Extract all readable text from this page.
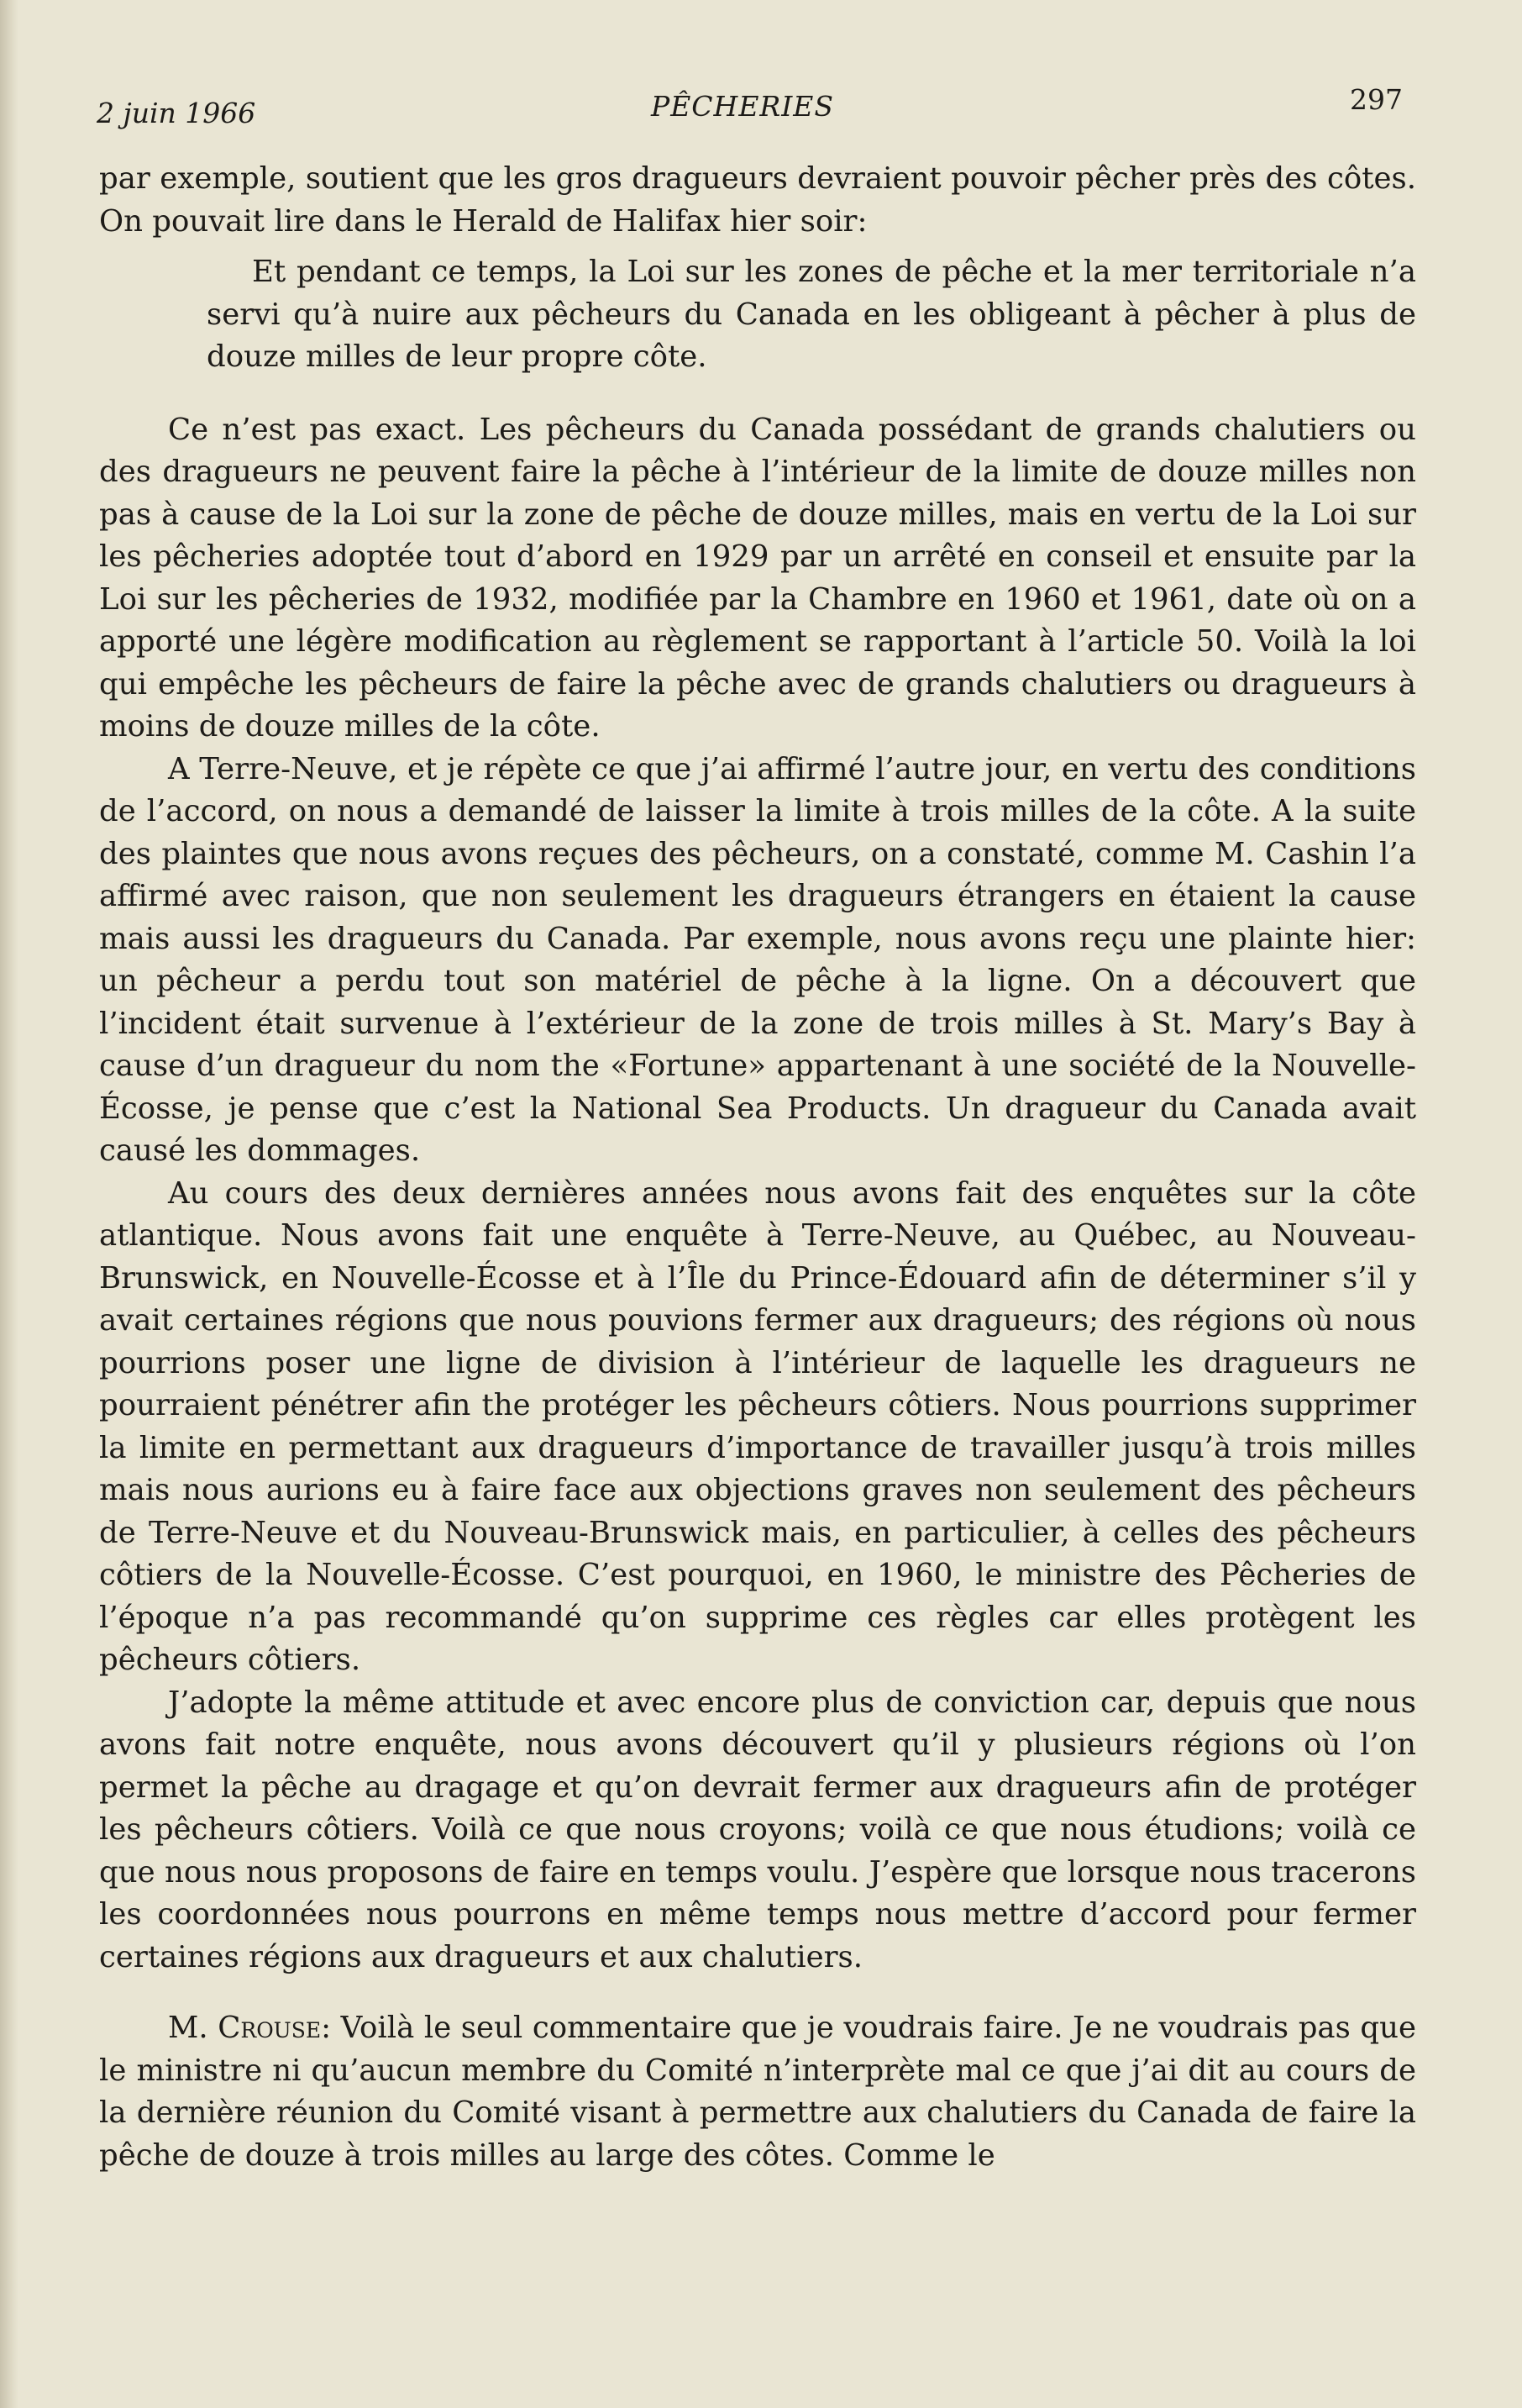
2 juin 1966	PÊCHERIES	297

par exemple, soutient que les gros dragueurs devraient pouvoir pêcher près des côtes. On pouvait lire dans le Herald de Halifax hier soir:

Et pendant ce temps, la Loi sur les zones de pêche et la mer territoriale n’a servi qu’à nuire aux pêcheurs du Canada en les obligeant à pêcher à plus de douze milles de leur propre côte.

Ce n’est pas exact. Les pêcheurs du Canada possédant de grands chalutiers ou des dragueurs ne peuvent faire la pêche à l’intérieur de la limite de douze milles non pas à cause de la Loi sur la zone de pêche de douze milles, mais en vertu de la Loi sur les pêcheries adoptée tout d’abord en 1929 par un arrêté en conseil et ensuite par la Loi sur les pêcheries de 1932, modifiée par la Chambre en 1960 et 1961, date où on a apporté une légère modification au règlement se rapportant à l’article 50. Voilà la loi qui empêche les pêcheurs de faire la pêche avec de grands chalutiers ou dragueurs à moins de douze milles de la côte.

A Terre-Neuve, et je répète ce que j’ai affirmé l’autre jour, en vertu des conditions de l’accord, on nous a demandé de laisser la limite à trois milles de la côte. A la suite des plaintes que nous avons reçues des pêcheurs, on a constaté, comme M. Cashin l’a affirmé avec raison, que non seulement les dragueurs étrangers en étaient la cause mais aussi les dragueurs du Canada. Par exemple, nous avons reçu une plainte hier: un pêcheur a perdu tout son matériel de pêche à la ligne. On a découvert que l’incident était survenue à l’extérieur de la zone de trois milles à St. Mary’s Bay à cause d’un dragueur du nom the «Fortune» appartenant à une société de la Nouvelle-Écosse, je pense que c’est la National Sea Products. Un dragueur du Canada avait causé les dommages.

Au cours des deux dernières années nous avons fait des enquêtes sur la côte atlantique. Nous avons fait une enquête à Terre-Neuve, au Québec, au Nouveau-Brunswick, en Nouvelle-Écosse et à l’Île du Prince-Édouard afin de déterminer s’il y avait certaines régions que nous pouvions fermer aux dragueurs; des régions où nous pourrions poser une ligne de division à l’intérieur de laquelle les dragueurs ne pourraient pénétrer afin the protéger les pêcheurs côtiers. Nous pourrions supprimer la limite en permettant aux dragueurs d’importance de travailler jusqu’à trois milles mais nous aurions eu à faire face aux objections graves non seulement des pêcheurs de Terre-Neuve et du Nouveau-Brunswick mais, en particulier, à celles des pêcheurs côtiers de la Nouvelle-Écosse. C’est pourquoi, en 1960, le ministre des Pêcheries de l’époque n’a pas recommandé qu’on supprime ces règles car elles protègent les pêcheurs côtiers.

J’adopte la même attitude et avec encore plus de conviction car, depuis que nous avons fait notre enquête, nous avons découvert qu’il y plusieurs régions où l’on permet la pêche au dragage et qu’on devrait fermer aux dragueurs afin de protéger les pêcheurs côtiers. Voilà ce que nous croyons; voilà ce que nous étudions; voilà ce que nous nous proposons de faire en temps voulu. J’espère que lorsque nous tracerons les coordonnées nous pourrons en même temps nous mettre d’accord pour fermer certaines régions aux dragueurs et aux chalutiers.

M. Crouse: Voilà le seul commentaire que je voudrais faire. Je ne voudrais pas que le ministre ni qu’aucun membre du Comité n’interprète mal ce que j’ai dit au cours de la dernière réunion du Comité visant à permettre aux chalutiers du Canada de faire la pêche de douze à trois milles au large des côtes. Comme le
